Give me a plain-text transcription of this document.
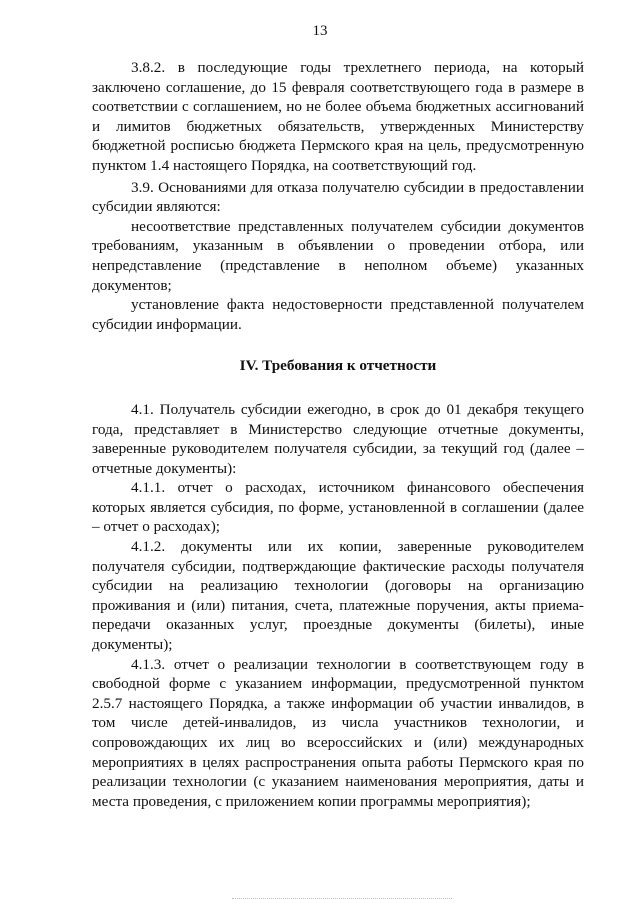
13

3.8.2. в последующие годы трехлетнего периода, на который заключено соглашение, до 15 февраля соответствующего года в размере в соответствии с соглашением, но не более объема бюджетных ассигнований и лимитов бюджетных обязательств, утвержденных Министерству бюджетной росписью бюджета Пермского края на цель, предусмотренную пунктом 1.4 настоящего Порядка, на соответствующий год.

3.9. Основаниями для отказа получателю субсидии в предоставлении субсидии являются:

несоответствие представленных получателем субсидии документов требованиям, указанным в объявлении о проведении отбора, или непредставление (представление в неполном объеме) указанных документов;

установление факта недостоверности представленной получателем субсидии информации.

IV. Требования к отчетности

4.1. Получатель субсидии ежегодно, в срок до 01 декабря текущего года, представляет в Министерство следующие отчетные документы, заверенные руководителем получателя субсидии, за текущий год (далее – отчетные документы):

4.1.1. отчет о расходах, источником финансового обеспечения которых является субсидия, по форме, установленной в соглашении (далее – отчет о расходах);

4.1.2. документы или их копии, заверенные руководителем получателя субсидии, подтверждающие фактические расходы получателя субсидии на реализацию технологии (договоры на организацию проживания и (или) питания, счета, платежные поручения, акты приема-передачи оказанных услуг, проездные документы (билеты), иные документы);

4.1.3. отчет о реализации технологии в соответствующем году в свободной форме с указанием информации, предусмотренной пунктом 2.5.7 настоящего Порядка, а также информации об участии инвалидов, в том числе детей-инвалидов, из числа участников технологии, и сопровождающих их лиц во всероссийских и (или) международных мероприятиях в целях распространения опыта работы Пермского края по реализации технологии (с указанием наименования мероприятия, даты и места проведения, с приложением копии программы мероприятия);
